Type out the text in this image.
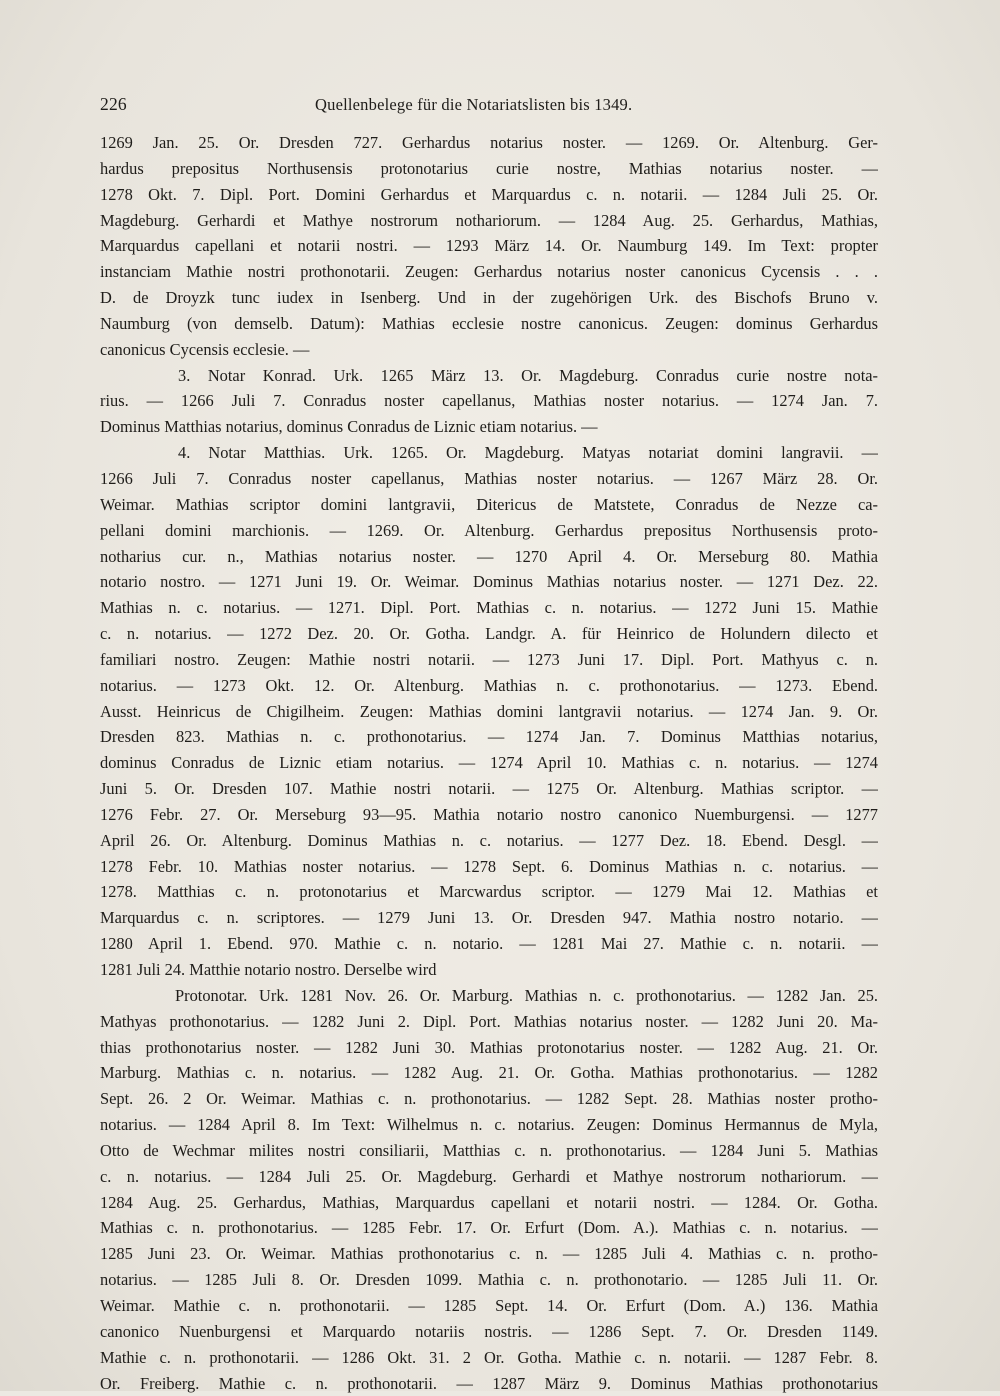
226	Quellenbelege für die Notariatslisten bis 1349.
1269 Jan. 25. Or. Dresden 727. Gerhardus notarius noster. — 1269. Or. Altenburg. Ger-
hardus prepositus Northusensis protonotarius curie nostre, Mathias notarius noster. —
1278 Okt. 7. Dipl. Port. Domini Gerhardus et Marquardus c. n. notarii. — 1284 Juli 25. Or.
Magdeburg. Gerhardi et Mathye nostrorum nothariorum. — 1284 Aug. 25. Gerhardus, Mathias,
Marquardus capellani et notarii nostri. — 1293 März 14. Or. Naumburg 149. Im Text: propter
instanciam Mathie nostri prothonotarii. Zeugen: Gerhardus notarius noster canonicus Cycensis . . .
D. de Droyzk tunc iudex in Isenberg. Und in der zugehörigen Urk. des Bischofs Bruno v.
Naumburg (von demselb. Datum): Mathias ecclesie nostre canonicus. Zeugen: dominus Gerhardus
canonicus Cycensis ecclesie. —
3. Notar Konrad. Urk. 1265 März 13. Or. Magdeburg. Conradus curie nostre nota-
rius. — 1266 Juli 7. Conradus noster capellanus, Mathias noster notarius. — 1274 Jan. 7.
Dominus Matthias notarius, dominus Conradus de Liznic etiam notarius. —
4. Notar Matthias. Urk. 1265. Or. Magdeburg. Matyas notariat domini langravii. —
1266 Juli 7. Conradus noster capellanus, Mathias noster notarius. — 1267 März 28. Or.
Weimar. Mathias scriptor domini lantgravii, Ditericus de Matstete, Conradus de Nezze ca-
pellani domini marchionis. — 1269. Or. Altenburg. Gerhardus prepositus Northusensis proto-
notharius cur. n., Mathias notarius noster. — 1270 April 4. Or. Merseburg 80. Mathia
notario nostro. — 1271 Juni 19. Or. Weimar. Dominus Mathias notarius noster. — 1271 Dez. 22.
Mathias n. c. notarius. — 1271. Dipl. Port. Mathias c. n. notarius. — 1272 Juni 15. Mathie
c. n. notarius. — 1272 Dez. 20. Or. Gotha. Landgr. A. für Heinrico de Holundern dilecto et
familiari nostro. Zeugen: Mathie nostri notarii. — 1273 Juni 17. Dipl. Port. Mathyus c. n.
notarius. — 1273 Okt. 12. Or. Altenburg. Mathias n. c. prothonotarius. — 1273. Ebend.
Ausst. Heinricus de Chigilheim. Zeugen: Mathias domini lantgravii notarius. — 1274 Jan. 9. Or.
Dresden 823. Mathias n. c. prothonotarius. — 1274 Jan. 7. Dominus Matthias notarius,
dominus Conradus de Liznic etiam notarius. — 1274 April 10. Mathias c. n. notarius. — 1274
Juni 5. Or. Dresden 107. Mathie nostri notarii. — 1275 Or. Altenburg. Mathias scriptor. —
1276 Febr. 27. Or. Merseburg 93—95. Mathia notario nostro canonico Nuemburgensi. — 1277
April 26. Or. Altenburg. Dominus Mathias n. c. notarius. — 1277 Dez. 18. Ebend. Desgl. —
1278 Febr. 10. Mathias noster notarius. — 1278 Sept. 6. Dominus Mathias n. c. notarius. —
1278. Matthias c. n. protonotarius et Marcwardus scriptor. — 1279 Mai 12. Mathias et
Marquardus c. n. scriptores. — 1279 Juni 13. Or. Dresden 947. Mathia nostro notario. —
1280 April 1. Ebend. 970. Mathie c. n. notario. — 1281 Mai 27. Mathie c. n. notarii. —
1281 Juli 24. Matthie notario nostro. Derselbe wird
Protonotar. Urk. 1281 Nov. 26. Or. Marburg. Mathias n. c. prothonotarius. — 1282 Jan. 25.
Mathyas prothonotarius. — 1282 Juni 2. Dipl. Port. Mathias notarius noster. — 1282 Juni 20. Ma-
thias prothonotarius noster. — 1282 Juni 30. Mathias protonotarius noster. — 1282 Aug. 21. Or.
Marburg. Mathias c. n. notarius. — 1282 Aug. 21. Or. Gotha. Mathias prothonotarius. — 1282
Sept. 26. 2 Or. Weimar. Mathias c. n. prothonotarius. — 1282 Sept. 28. Mathias noster protho-
notarius. — 1284 April 8. Im Text: Wilhelmus n. c. notarius. Zeugen: Dominus Hermannus de Myla,
Otto de Wechmar milites nostri consiliarii, Matthias c. n. prothonotarius. — 1284 Juni 5. Mathias
c. n. notarius. — 1284 Juli 25. Or. Magdeburg. Gerhardi et Mathye nostrorum nothariorum. —
1284 Aug. 25. Gerhardus, Mathias, Marquardus capellani et notarii nostri. — 1284. Or. Gotha.
Mathias c. n. prothonotarius. — 1285 Febr. 17. Or. Erfurt (Dom. A.). Mathias c. n. notarius. —
1285 Juni 23. Or. Weimar. Mathias prothonotarius c. n. — 1285 Juli 4. Mathias c. n. protho-
notarius. — 1285 Juli 8. Or. Dresden 1099. Mathia c. n. prothonotario. — 1285 Juli 11. Or.
Weimar. Mathie c. n. prothonotarii. — 1285 Sept. 14. Or. Erfurt (Dom. A.) 136. Mathia
canonico Nuenburgensi et Marquardo notariis nostris. — 1286 Sept. 7. Or. Dresden 1149.
Mathie c. n. prothonotarii. — 1286 Okt. 31. 2 Or. Gotha. Mathie c. n. notarii. — 1287 Febr. 8.
Or. Freiberg. Mathie c. n. prothonotarii. — 1287 März 9. Dominus Mathias prothonotarius
